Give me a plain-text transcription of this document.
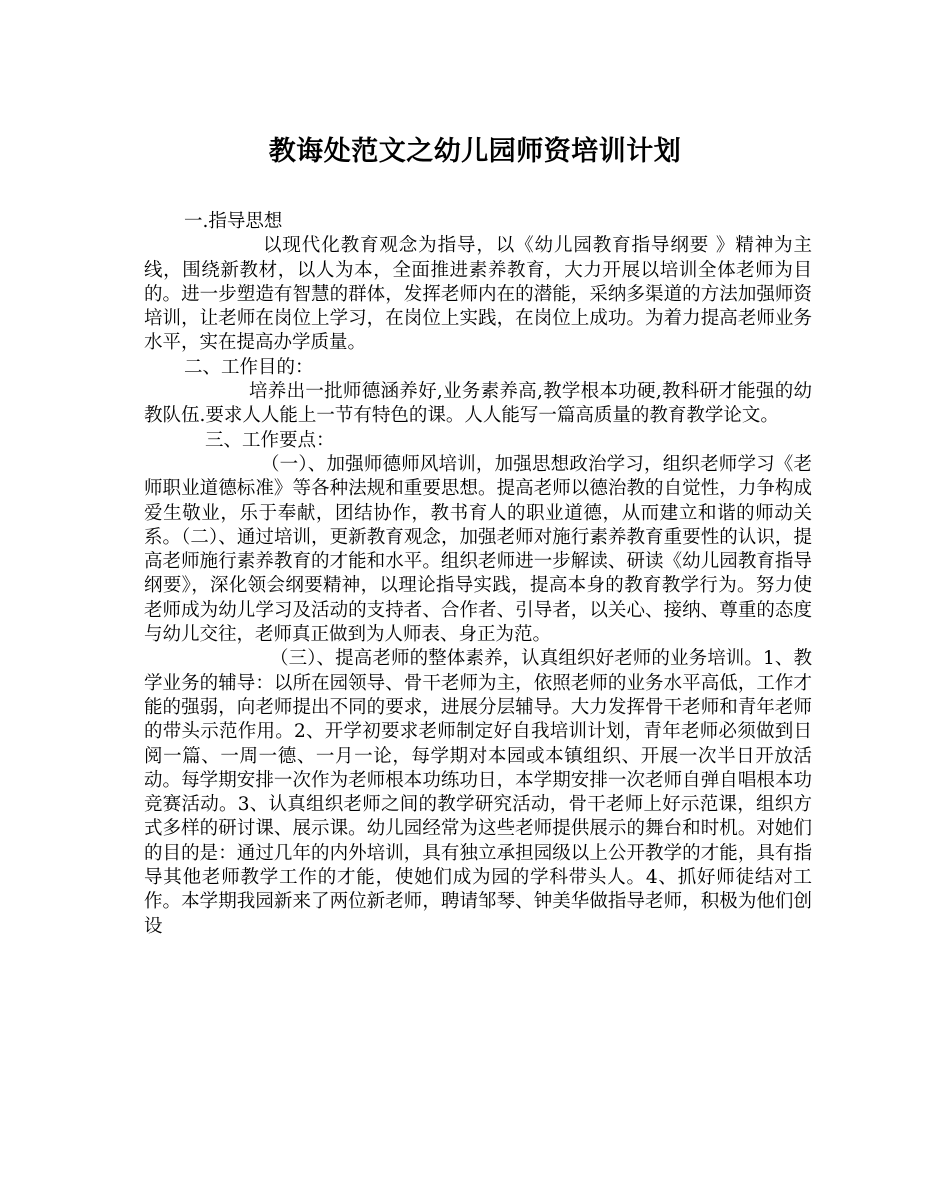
教诲处范文之幼儿园师资培训计划

一.指导思想

以现代化教育观念为指导，以《幼儿园教育指导纲要 》精神为主线，围绕新教材，以人为本，全面推进素养教育，大力开展以培训全体老师为目的。进一步塑造有智慧的群体，发挥老师内在的潜能，采纳多渠道的方法加强师资培训，让老师在岗位上学习，在岗位上实践，在岗位上成功。为着力提高老师业务水平，实在提高办学质量。

二、工作目的：

培养出一批师德涵养好,业务素养高,教学根本功硬,教科研才能强的幼教队伍.要求人人能上一节有特色的课。人人能写一篇高质量的教育教学论文。

三、工作要点：

（一）、加强师德师风培训，加强思想政治学习，组织老师学习《老师职业道德标准》等各种法规和重要思想。提高老师以德治教的自觉性，力争构成爱生敬业，乐于奉献，团结协作，教书育人的职业道德，从而建立和谐的师动关系。（二）、通过培训，更新教育观念，加强老师对施行素养教育重要性的认识，提高老师施行素养教育的才能和水平。组织老师进一步解读、研读《幼儿园教育指导纲要》，深化领会纲要精神，以理论指导实践，提高本身的教育教学行为。努力使老师成为幼儿学习及活动的支持者、合作者、引导者，以关心、接纳、尊重的态度与幼儿交往，老师真正做到为人师表、身正为范。

（三）、提高老师的整体素养，认真组织好老师的业务培训。1、教学业务的辅导：以所在园领导、骨干老师为主，依照老师的业务水平高低，工作才能的强弱，向老师提出不同的要求，进展分层辅导。大力发挥骨干老师和青年老师的带头示范作用。2、开学初要求老师制定好自我培训计划，青年老师必须做到日阅一篇、一周一德、一月一论，每学期对本园或本镇组织、开展一次半日开放活动。每学期安排一次作为老师根本功练功日，本学期安排一次老师自弹自唱根本功竞赛活动。3、认真组织老师之间的教学研究活动，骨干老师上好示范课，组织方式多样的研讨课、展示课。幼儿园经常为这些老师提供展示的舞台和时机。对她们的目的是：通过几年的内外培训，具有独立承担园级以上公开教学的才能，具有指导其他老师教学工作的才能，使她们成为园的学科带头人。4、抓好师徒结对工作。本学期我园新来了两位新老师，聘请邹琴、钟美华做指导老师，积极为他们创设
